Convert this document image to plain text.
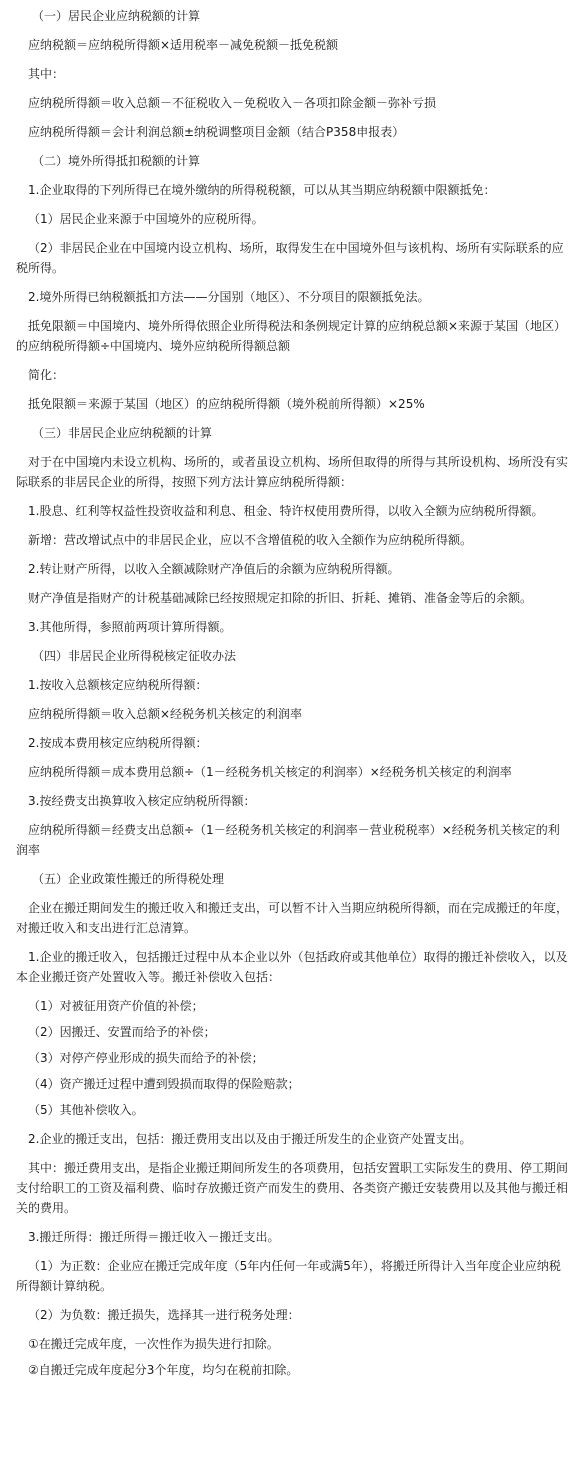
（一）居民企业应纳税额的计算

应纳税额＝应纳税所得额×适用税率－减免税额－抵免税额

其中：

应纳税所得额＝收入总额－不征税收入－免税收入－各项扣除金额－弥补亏损

应纳税所得额＝会计利润总额±纳税调整项目金额（结合P358申报表）

（二）境外所得抵扣税额的计算

1.企业取得的下列所得已在境外缴纳的所得税税额，可以从其当期应纳税额中限额抵免：

（1）居民企业来源于中国境外的应税所得。

（2）非居民企业在中国境内设立机构、场所，取得发生在中国境外但与该机构、场所有实际联系的应税所得。

2.境外所得已纳税额抵扣方法——分国别（地区）、不分项目的限额抵免法。

抵免限额＝中国境内、境外所得依照企业所得税法和条例规定计算的应纳税总额×来源于某国（地区）的应纳税所得额÷中国境内、境外应纳税所得额总额

简化：

抵免限额＝来源于某国（地区）的应纳税所得额（境外税前所得额）×25%

（三）非居民企业应纳税额的计算

对于在中国境内未设立机构、场所的，或者虽设立机构、场所但取得的所得与其所设机构、场所没有实际联系的非居民企业的所得，按照下列方法计算应纳税所得额：

1.股息、红利等权益性投资收益和利息、租金、特许权使用费所得，以收入全额为应纳税所得额。

新增：营改增试点中的非居民企业，应以不含增值税的收入全额作为应纳税所得额。

2.转让财产所得，以收入全额减除财产净值后的余额为应纳税所得额。

财产净值是指财产的计税基础减除已经按照规定扣除的折旧、折耗、摊销、准备金等后的余额。

3.其他所得，参照前两项计算所得额。

（四）非居民企业所得税核定征收办法

1.按收入总额核定应纳税所得额：

应纳税所得额＝收入总额×经税务机关核定的利润率

2.按成本费用核定应纳税所得额：

应纳税所得额＝成本费用总额÷（1－经税务机关核定的利润率）×经税务机关核定的利润率

3.按经费支出换算收入核定应纳税所得额：

应纳税所得额＝经费支出总额÷（1－经税务机关核定的利润率－营业税税率）×经税务机关核定的利润率

（五）企业政策性搬迁的所得税处理

企业在搬迁期间发生的搬迁收入和搬迁支出，可以暂不计入当期应纳税所得额，而在完成搬迁的年度，对搬迁收入和支出进行汇总清算。

1.企业的搬迁收入，包括搬迁过程中从本企业以外（包括政府或其他单位）取得的搬迁补偿收入，以及本企业搬迁资产处置收入等。搬迁补偿收入包括：

（1）对被征用资产价值的补偿；

（2）因搬迁、安置而给予的补偿；

（3）对停产停业形成的损失而给予的补偿；

（4）资产搬迁过程中遭到毁损而取得的保险赔款；

（5）其他补偿收入。

2.企业的搬迁支出，包括：搬迁费用支出以及由于搬迁所发生的企业资产处置支出。

其中：搬迁费用支出，是指企业搬迁期间所发生的各项费用，包括安置职工实际发生的费用、停工期间支付给职工的工资及福利费、临时存放搬迁资产而发生的费用、各类资产搬迁安装费用以及其他与搬迁相关的费用。

3.搬迁所得：搬迁所得＝搬迁收入－搬迁支出。

（1）为正数：企业应在搬迁完成年度（5年内任何一年或满5年），将搬迁所得计入当年度企业应纳税所得额计算纳税。

（2）为负数：搬迁损失，选择其一进行税务处理：

①在搬迁完成年度，一次性作为损失进行扣除。

②自搬迁完成年度起分3个年度，均匀在税前扣除。
